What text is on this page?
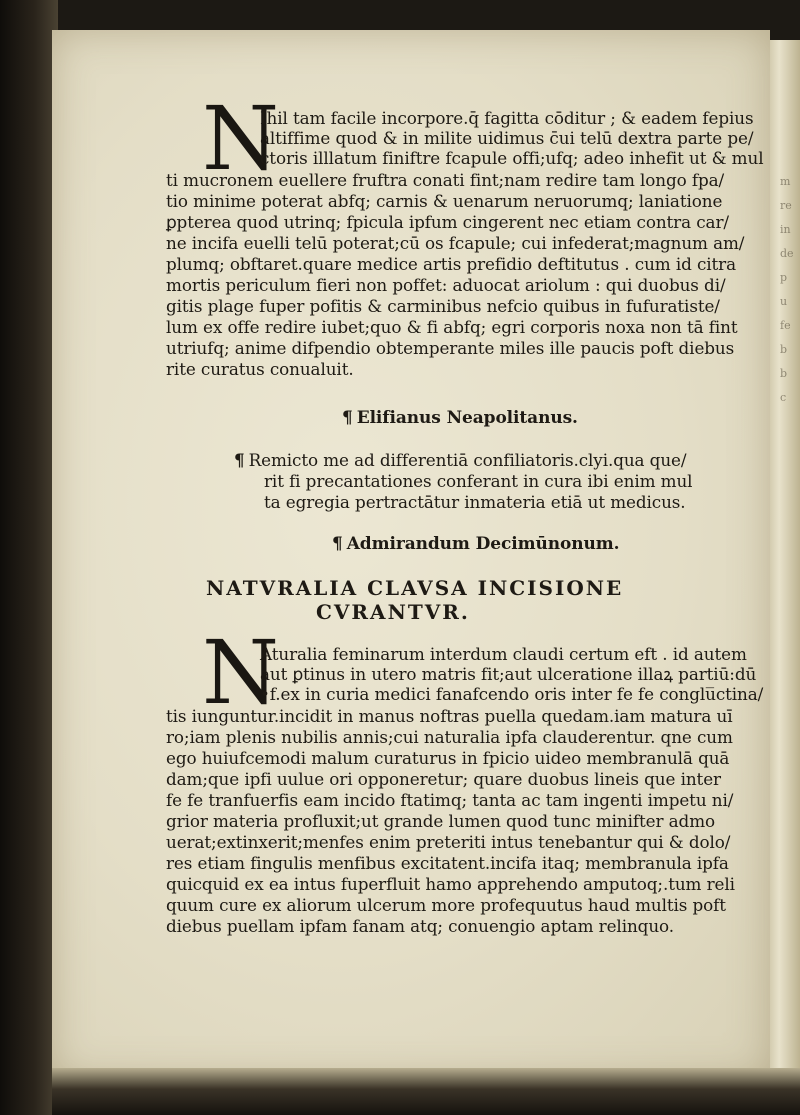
m
re
in
de
p
u
fe
b
b
c
N
Ihil tam facile incorpore.q̄ fagitta cōditur ; & eadem fepius
altiffime quod & in milite uidimus c̄ui telū dextra parte pe/
ctoris illlatum finiftre fcapule offi;ufq; adeo inhefit ut & mul
ti mucronem euellere fruftra conati fint;nam redire tam longo fpa/
tio minime poterat abfq; carnis & uenarum neruorumq; laniatione
ꝑpterea quod utrinq; fpicula ipfum cingerent nec etiam contra car/
ne incifa euelli telū poterat;cū os fcapule; cui infederat;magnum am/
plumq; obftaret.quare medice artis prefidio deftitutus . cum id citra
mortis periculum fieri non poffet: aduocat ariolum : qui duobus di/
gitis plage fuper pofitis & carminibus nefcio quibus in fufuratiste/
lum ex offe redire iubet;quo & fi abfq; egri corporis noxa non tā fint
utriufq; anime difpendio obtemperante miles ille paucis poft diebus
rite curatus conualuit.
¶ Elifianus Neapolitanus.
¶ Remicto me ad differentiā confiliatoris.clyi.qua que/
rit fi precantationes conferant in cura ibi enim mul
ta egregia pertractātur inmateria etiā ut medicus.
¶ Admirandum Decimūnonum.
NATVRALIA CLAVSA INCISIONE
CVRANTVR.
N
Aturalia feminarum interdum claudi certum eft . id autem
aut ꝑtinus in utero matris fit;aut ulceratione illaꝝ partiū:dū
•f.ex in curia medici fanafcendo oris inter fe fe conglu̅ctina/
tis iunguntur.incidit in manus noftras puella quedam.iam matura uī
ro;iam plenis nubilis annis;cui naturalia ipfa clauderentur. qne cum
ego huiufcemodi malum curaturus in fpicio uideo membranulā quā
dam;que ipfi uulue ori opponeretur; quare duobus lineis que inter
fe fe tranfuerfis eam incido ftatimq; tanta ac tam ingenti impetu ni/
grior materia profluxit;ut grande lumen quod tunc minifter admo
uerat;extinxerit;menfes enim preteriti intus tenebantur qui & dolo/
res etiam fingulis menfibus excitatent.incifa itaq; membranula ipfa
quicquid ex ea intus fuperfluit hamo apprehendo amputoq;.tum reli
quum cure ex aliorum ulcerum more profequutus haud multis poft
diebus puellam ipfam fanam atq; conuengio aptam relinquo.
